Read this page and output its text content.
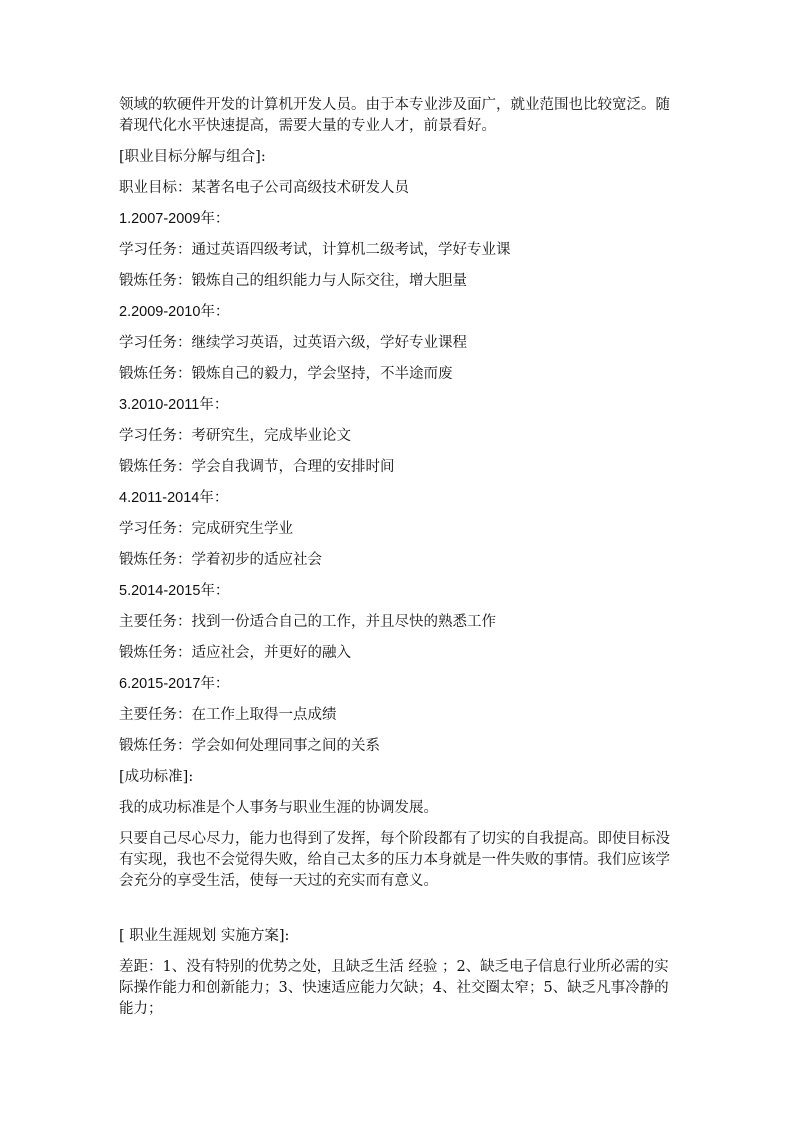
领域的软硬件开发的计算机开发人员。由于本专业涉及面广，就业范围也比较宽泛。随
着现代化水平快速提高，需要大量的专业人才，前景看好。
[职业目标分解与组合]:
职业目标：某著名电子公司高级技术研发人员
1.2007-2009年：
学习任务：通过英语四级考试，计算机二级考试，学好专业课
锻炼任务：锻炼自己的组织能力与人际交往，增大胆量
2.2009-2010年：
学习任务：继续学习英语，过英语六级，学好专业课程
锻炼任务：锻炼自己的毅力，学会坚持，不半途而废
3.2010-2011年：
学习任务：考研究生，完成毕业论文
锻炼任务：学会自我调节，合理的安排时间
4.2011-2014年：
学习任务：完成研究生学业
锻炼任务：学着初步的适应社会
5.2014-2015年：
主要任务：找到一份适合自己的工作，并且尽快的熟悉工作
锻炼任务：适应社会，并更好的融入
6.2015-2017年：
主要任务：在工作上取得一点成绩
锻炼任务：学会如何处理同事之间的关系
[成功标准]:
我的成功标准是个人事务与职业生涯的协调发展。
只要自己尽心尽力，能力也得到了发挥，每个阶段都有了切实的自我提高。即使目标没
有实现，我也不会觉得失败，给自己太多的压力本身就是一件失败的事情。我们应该学
会充分的享受生活，使每一天过的充实而有意义。
[ 职业生涯规划 实施方案]:
差距：1、没有特别的优势之处，且缺乏生活 经验 ；2、缺乏电子信息行业所必需的实
际操作能力和创新能力；3、快速适应能力欠缺；4、社交圈太窄；5、缺乏凡事冷静的
能力；
